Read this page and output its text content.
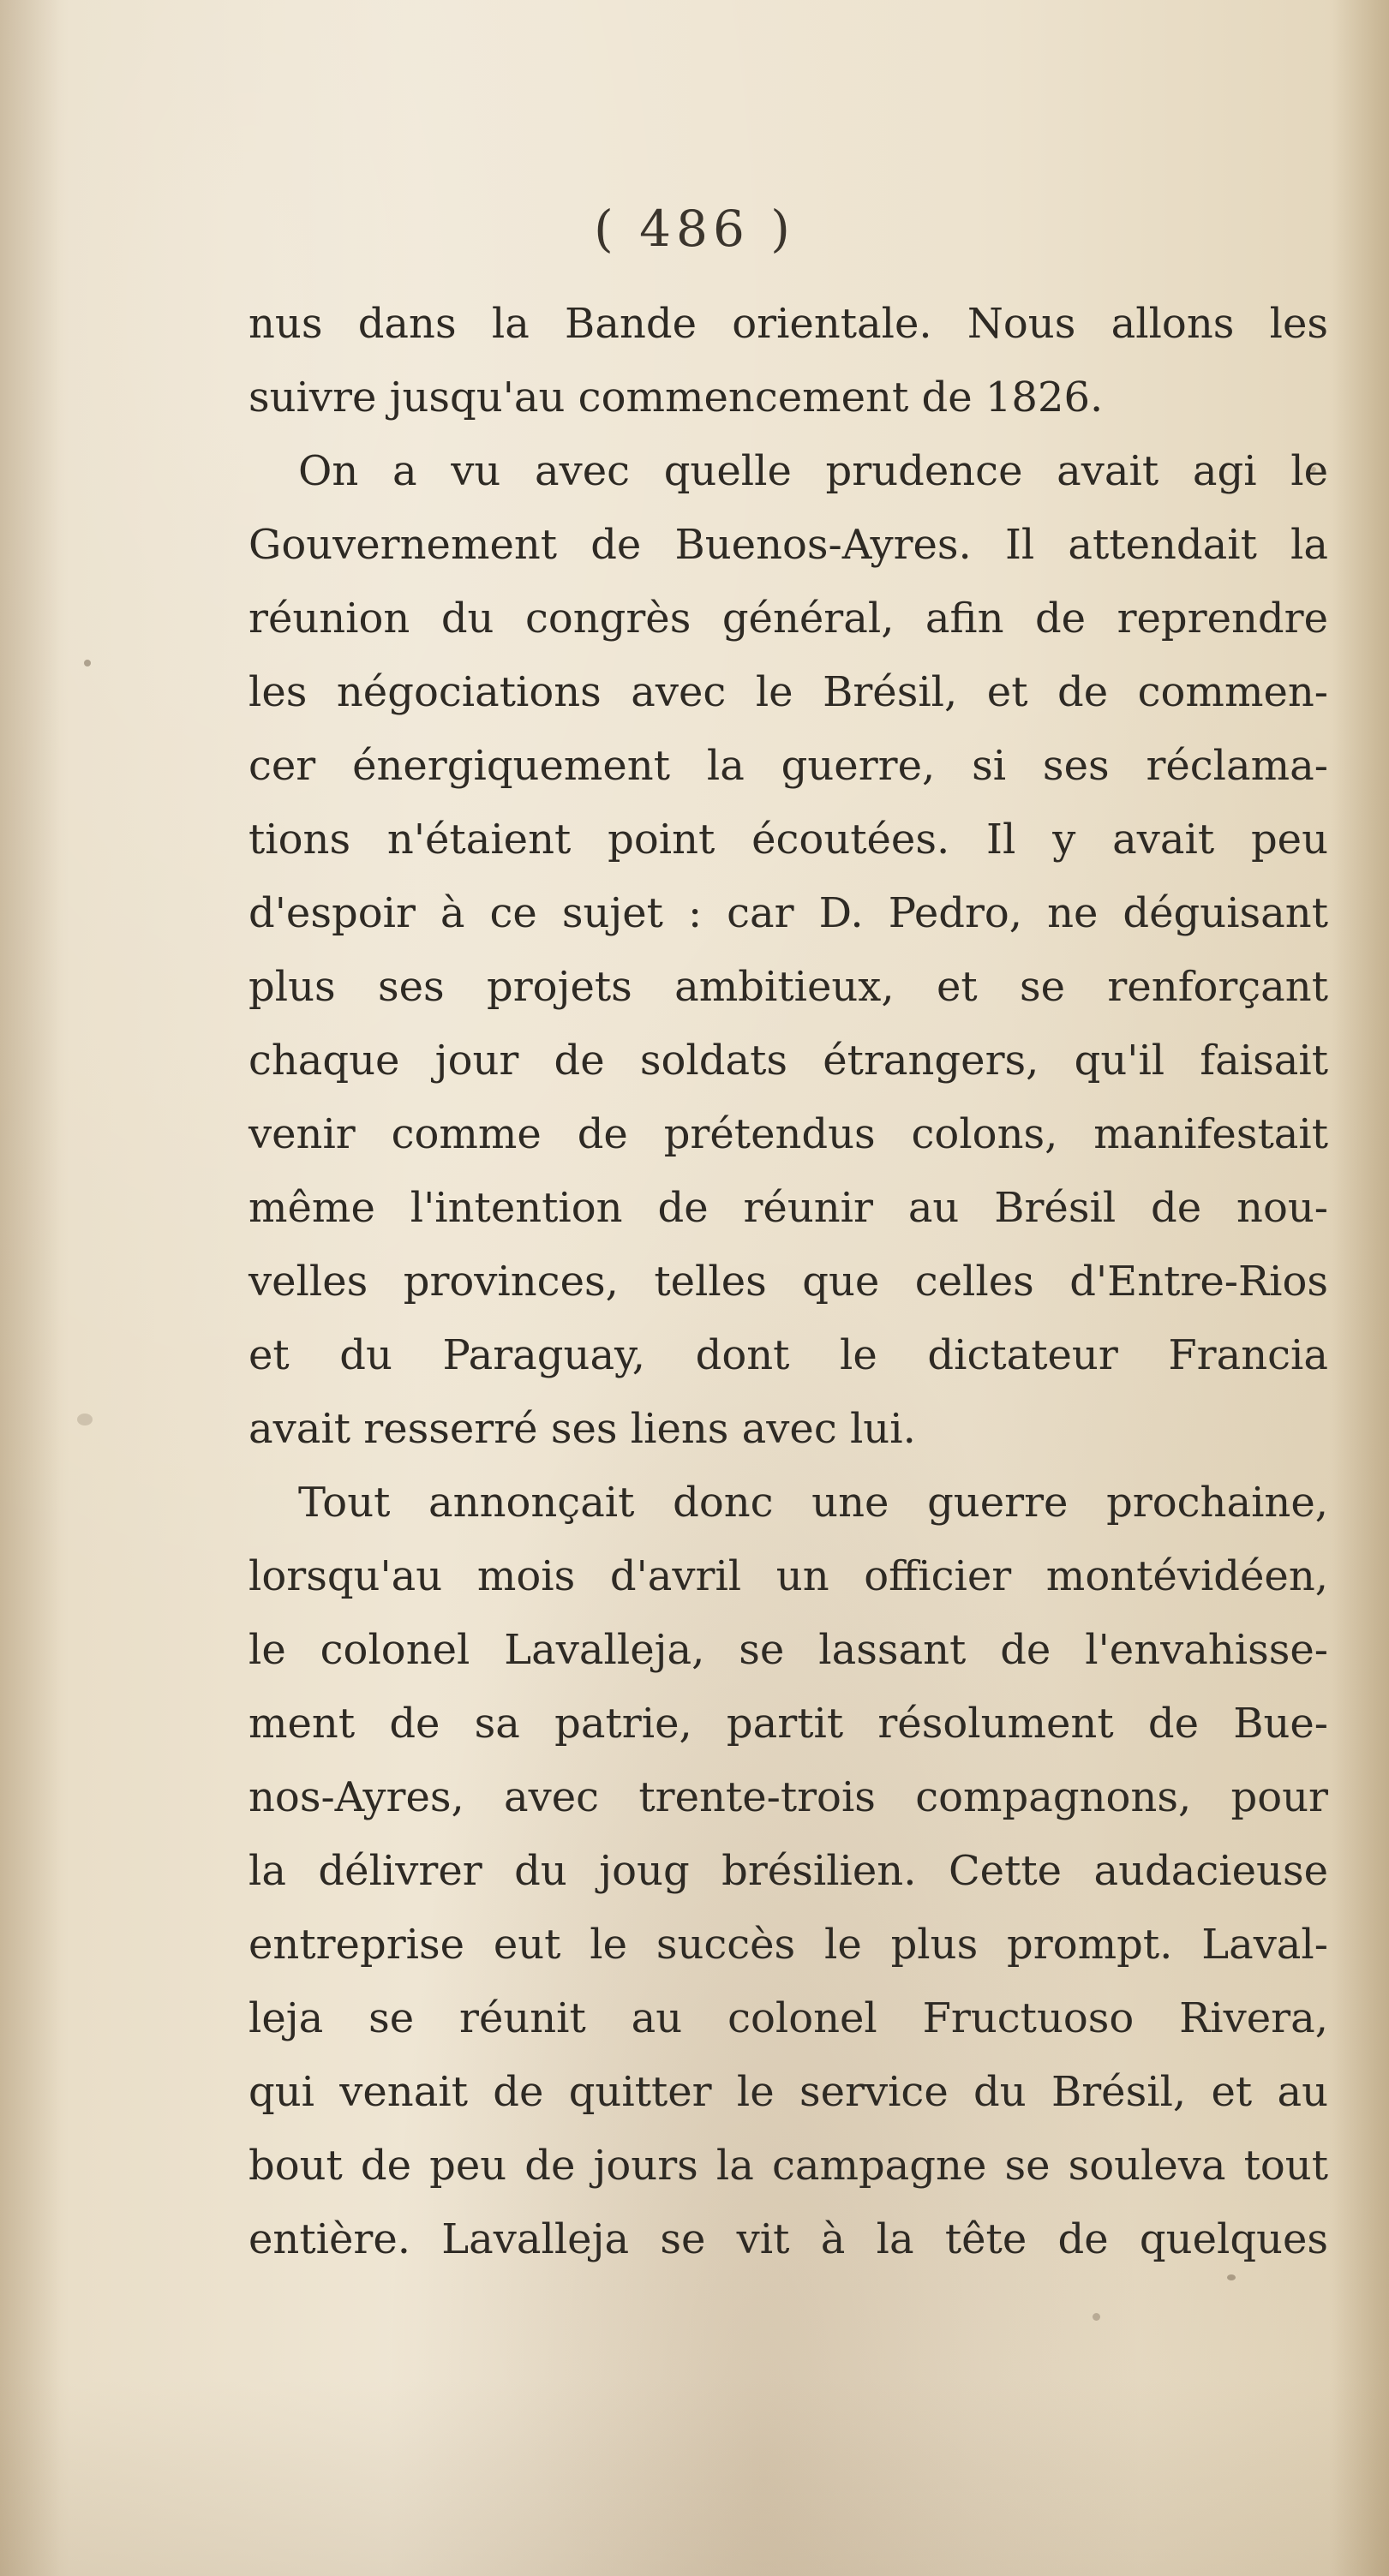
( 486 )
nus dans la Bande orientale. Nous allons les
suivre jusqu'au commencement de 1826.
On a vu avec quelle prudence avait agi le
Gouvernement de Buenos-Ayres. Il attendait la
réunion du congrès général, afin de reprendre
les négociations avec le Brésil, et de commen-
cer énergiquement la guerre, si ses réclama-
tions n'étaient point écoutées. Il y avait peu
d'espoir à ce sujet : car D. Pedro, ne déguisant
plus ses projets ambitieux, et se renforçant
chaque jour de soldats étrangers, qu'il faisait
venir comme de prétendus colons, manifestait
même l'intention de réunir au Brésil de nou-
velles provinces, telles que celles d'Entre-Rios
et du Paraguay, dont le dictateur Francia
avait resserré ses liens avec lui.
Tout annonçait donc une guerre prochaine,
lorsqu'au mois d'avril un officier montévidéen,
le colonel Lavalleja, se lassant de l'envahisse-
ment de sa patrie, partit résolument de Bue-
nos-Ayres, avec trente-trois compagnons, pour
la délivrer du joug brésilien. Cette audacieuse
entreprise eut le succès le plus prompt. Laval-
leja se réunit au colonel Fructuoso Rivera,
qui venait de quitter le service du Brésil, et au
bout de peu de jours la campagne se souleva tout
entière. Lavalleja se vit à la tête de quelques
